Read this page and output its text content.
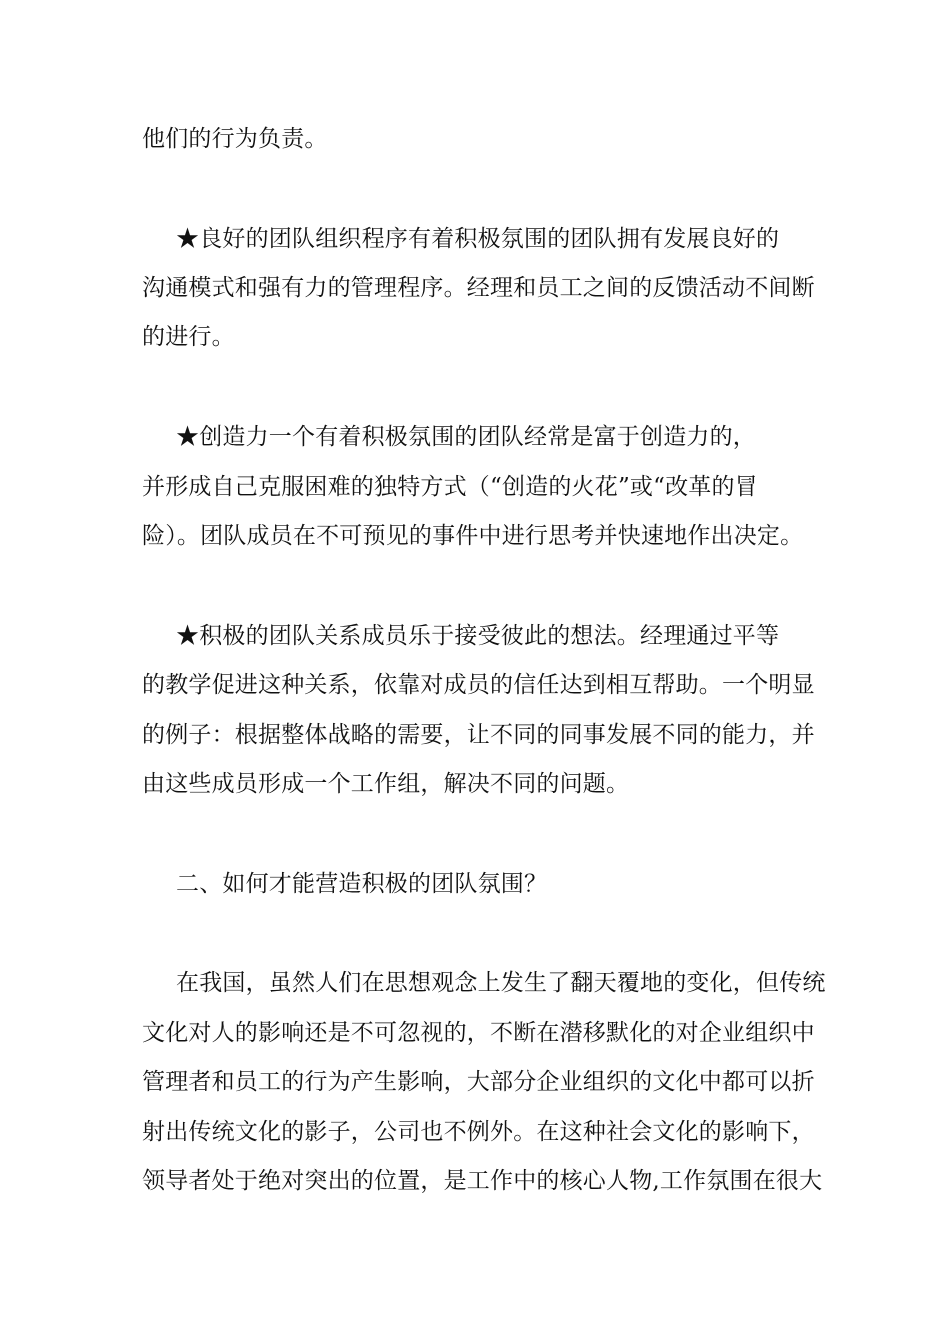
他们的行为负责。
★良好的团队组织程序有着积极氛围的团队拥有发展良好的
沟通模式和强有力的管理程序。经理和员工之间的反馈活动不间断
的进行。
★创造力一个有着积极氛围的团队经常是富于创造力的，
并形成自己克服困难的独特方式（“创造的火花”或“改革的冒
险）。团队成员在不可预见的事件中进行思考并快速地作出决定。
★积极的团队关系成员乐于接受彼此的想法。经理通过平等
的教学促进这种关系，依靠对成员的信任达到相互帮助。一个明显
的例子：根据整体战略的需要，让不同的同事发展不同的能力，并
由这些成员形成一个工作组，解决不同的问题。
二、如何才能营造积极的团队氛围？
在我国，虽然人们在思想观念上发生了翻天覆地的变化，但传统
文化对人的影响还是不可忽视的，不断在潜移默化的对企业组织中
管理者和员工的行为产生影响，大部分企业组织的文化中都可以折
射出传统文化的影子，公司也不例外。在这种社会文化的影响下，
领导者处于绝对突出的位置，是工作中的核心人物,工作氛围在很大
